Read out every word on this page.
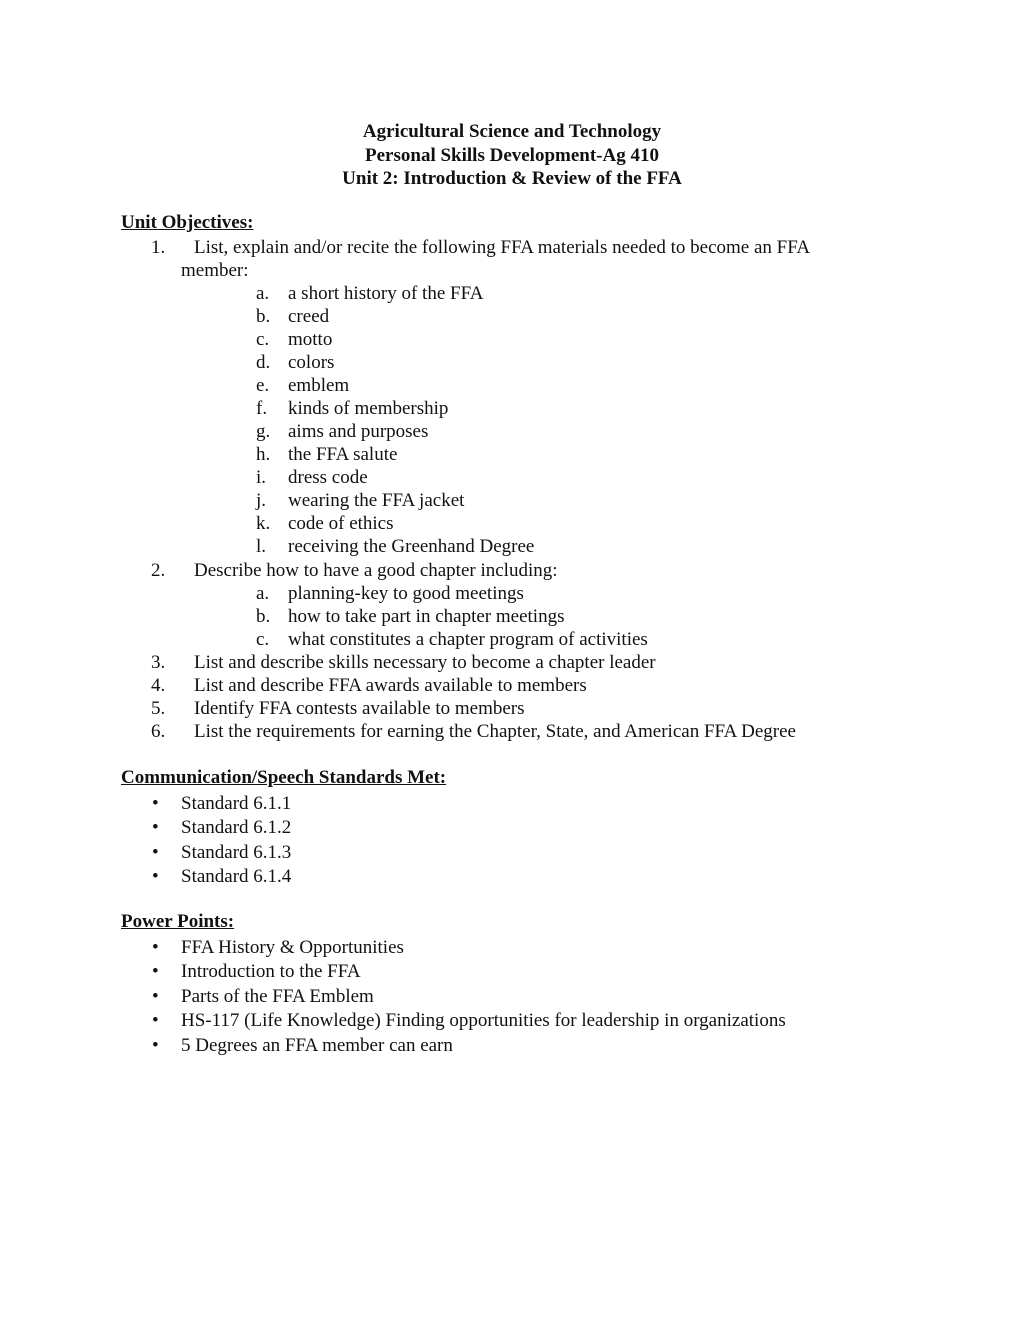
Agricultural Science and Technology
Personal Skills Development-Ag 410
Unit 2: Introduction & Review of the FFA
Unit Objectives:
1.	List, explain and/or recite the following FFA materials needed to become an FFA
member:
a. a short history of the FFA
b. creed
c. motto
d. colors
e. emblem
f.	kinds of membership
g. aims and purposes
h. the FFA salute
i.	dress code
j.	wearing the FFA jacket
k. code of ethics
l.	receiving the Greenhand Degree
2.	Describe how to have a good chapter including:
a. planning-key to good meetings
b. how to take part in chapter meetings
c. what constitutes a chapter program of activities
3.	List and describe skills necessary to become a chapter leader
4.	List and describe FFA awards available to members
5.	Identify FFA contests available to members
6.	List the requirements for earning the Chapter, State, and American FFA Degree
Communication/Speech Standards Met:
• Standard 6.1.1
• Standard 6.1.2
• Standard 6.1.3
• Standard 6.1.4
Power Points:
• FFA History & Opportunities
• Introduction to the FFA
• Parts of the FFA Emblem
• HS-117 (Life Knowledge) Finding opportunities for leadership in organizations
• 5 Degrees an FFA member can earn
